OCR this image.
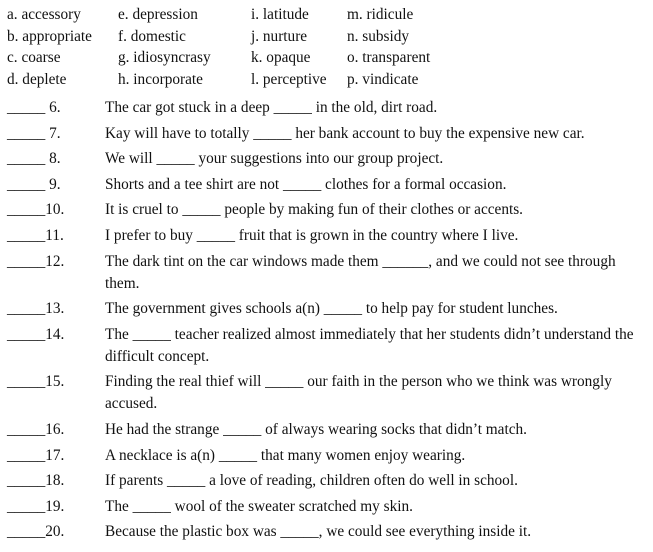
a. accessory e. depression	i. latitude m. ridicule
b. appropriate f. domestic	j. nurture	n. subsidy
c. coarse	g. idiosyncrasy	k. opaque o. transparent
d. deplete	h. incorporate	l. perceptive p. vindicate
_____ 6.	The car got stuck in a deep _____ in the old, dirt road.
_____ 7.	Kay will have to totally _____ her bank account to buy the expensive new car.
_____ 8.	We will _____ your suggestions into our group project.
_____ 9.	Shorts and a tee shirt are not _____ clothes for a formal occasion.
_____10.	It is cruel to _____ people by making fun of their clothes or accents.
_____11.	I prefer to buy _____ fruit that is grown in the country where I live.
_____12.	The dark tint on the car windows made them ______, and we could not see through them.
_____13.	The government gives schools a(n) _____ to help pay for student lunches.
_____14.	The _____ teacher realized almost immediately that her students didn’t understand the difficult concept.
_____15.	Finding the real thief will _____ our faith in the person who we think was wrongly accused.
_____16.	He had the strange _____ of always wearing socks that didn’t match.
_____17.	A necklace is a(n) _____ that many women enjoy wearing.
_____18.	If parents _____ a love of reading, children often do well in school.
_____19.	The _____ wool of the sweater scratched my skin.
_____20.	Because the plastic box was _____, we could see everything inside it.
